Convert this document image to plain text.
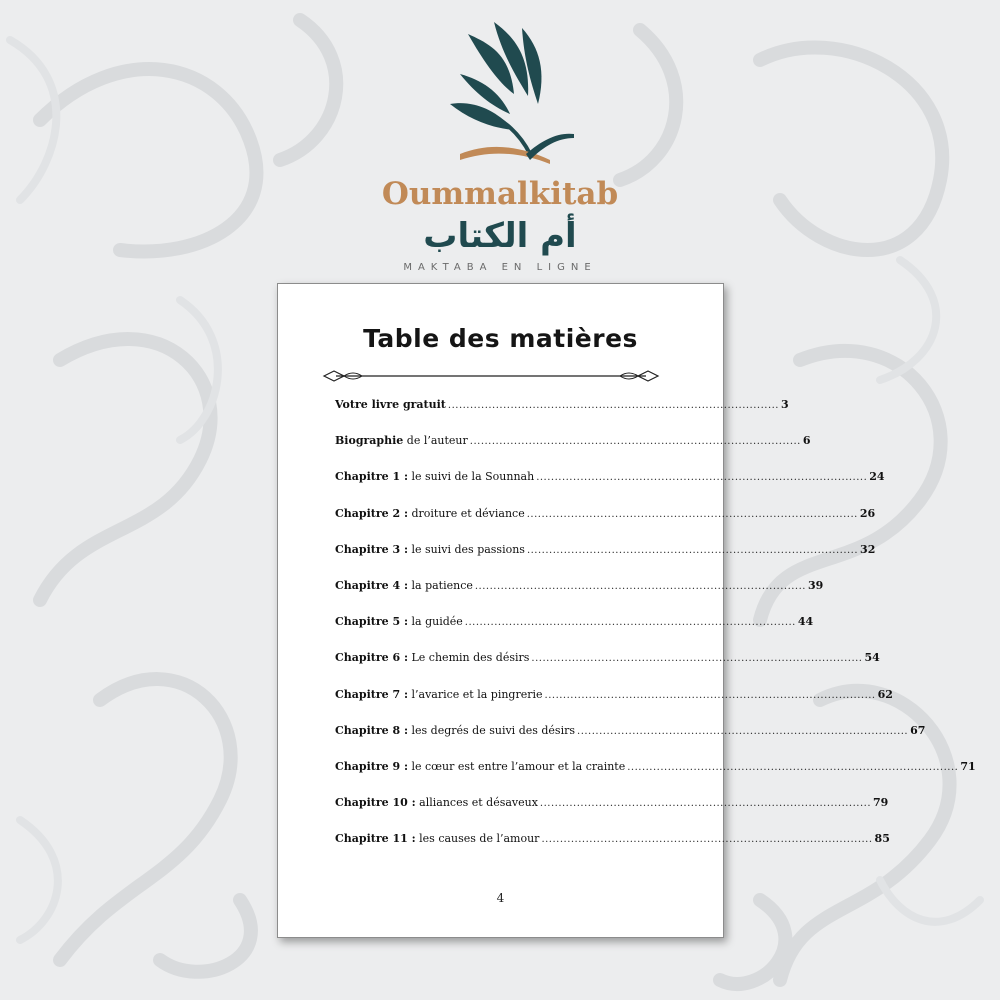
Oummalkitab
أم الكتاب
MAKTABA EN LIGNE
Table des matières
Votre livre gratuit .......................................................................................... 3
Biographie de l’auteur .......................................................................................... 6
Chapitre 1 : le suivi de la Sounnah .......................................................................................... 24
Chapitre 2 : droiture et déviance .......................................................................................... 26
Chapitre 3 : le suivi des passions .......................................................................................... 32
Chapitre 4 : la patience .......................................................................................... 39
Chapitre 5 : la guidée .......................................................................................... 44
Chapitre 6 : Le chemin des désirs .......................................................................................... 54
Chapitre 7 : l’avarice et la pingrerie .......................................................................................... 62
Chapitre 8 : les degrés de suivi des désirs .......................................................................................... 67
Chapitre 9 : le cœur est entre l’amour et la crainte .......................................................................................... 71
Chapitre 10 : alliances et désaveux .......................................................................................... 79
Chapitre 11 : les causes de l’amour .......................................................................................... 85
4
